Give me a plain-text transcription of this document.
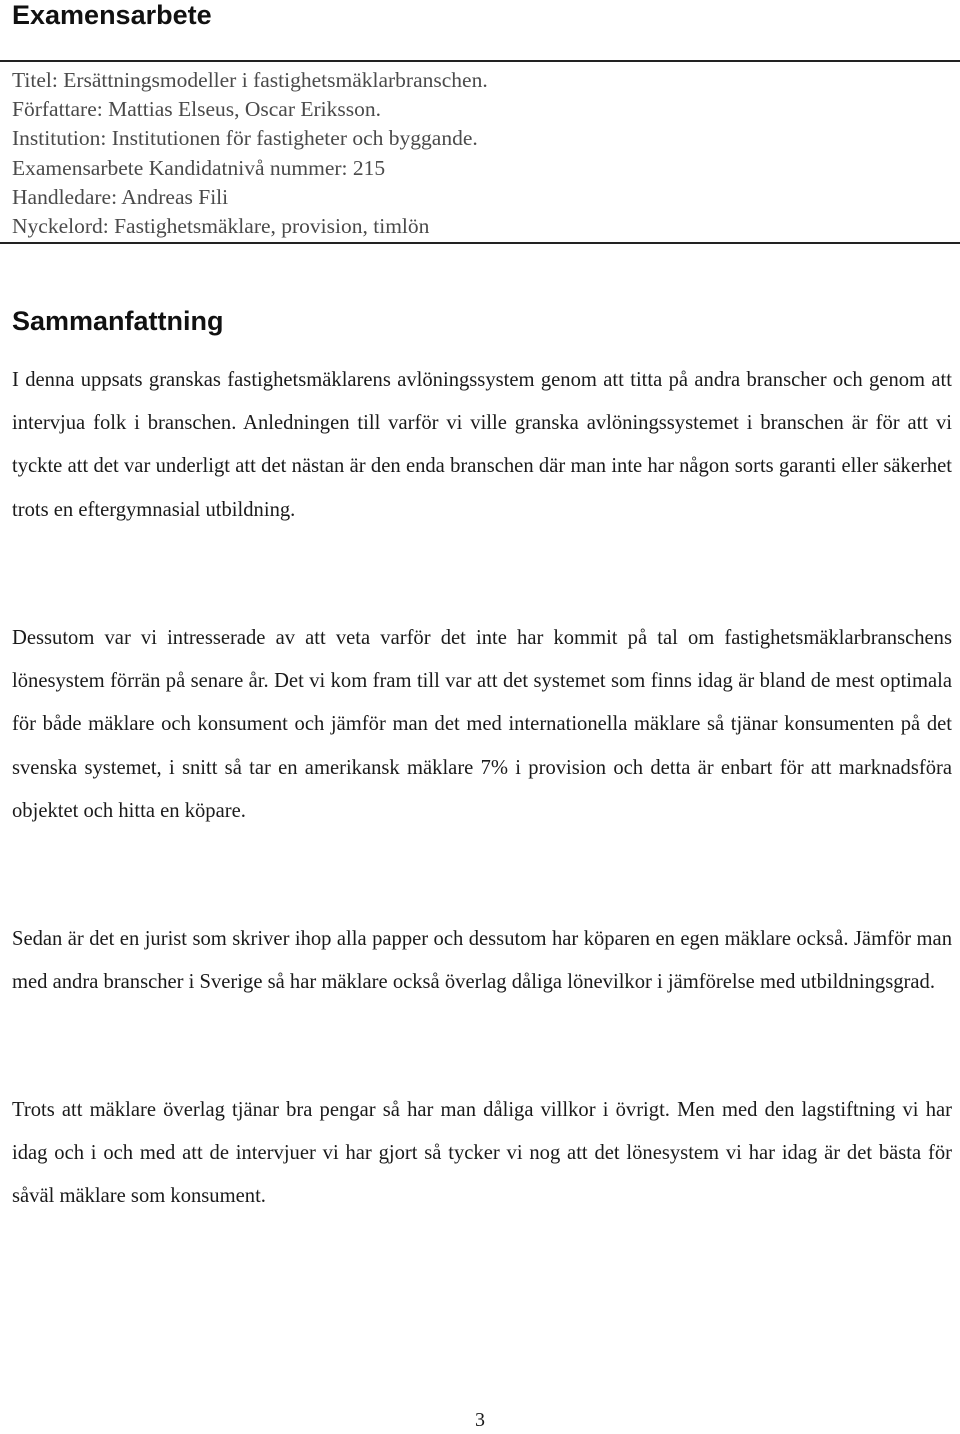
Examensarbete
Titel: Ersättningsmodeller i fastighetsmäklarbranschen.
Författare: Mattias Elseus, Oscar Eriksson.
Institution: Institutionen för fastigheter och byggande.
Examensarbete Kandidatnivå nummer: 215
Handledare: Andreas Fili
Nyckelord: Fastighetsmäklare, provision, timlön
Sammanfattning

I denna uppsats granskas fastighetsmäklarens avlöningssystem genom att titta på andra branscher och genom att intervjua folk i branschen. Anledningen till varför vi ville granska avlöningssystemet i branschen är för att vi tyckte att det var underligt att det nästan är den enda branschen där man inte har någon sorts garanti eller säkerhet trots en eftergymnasial utbildning.

Dessutom var vi intresserade av att veta varför det inte har kommit på tal om fastighetsmäklarbranschens lönesystem förrän på senare år. Det vi kom fram till var att det systemet som finns idag är bland de mest optimala för både mäklare och konsument och jämför man det med internationella mäklare så tjänar konsumenten på det svenska systemet, i snitt så tar en amerikansk mäklare 7% i provision och detta är enbart för att marknadsföra objektet och hitta en köpare.

Sedan är det en jurist som skriver ihop alla papper och dessutom har köparen en egen mäklare också. Jämför man med andra branscher i Sverige så har mäklare också överlag dåliga lönevilkor i jämförelse med utbildningsgrad.

Trots att mäklare överlag tjänar bra pengar så har man dåliga villkor i övrigt. Men med den lagstiftning vi har idag och i och med att de intervjuer vi har gjort så tycker vi nog att det lönesystem vi har idag är det bästa för såväl mäklare som konsument.

3
